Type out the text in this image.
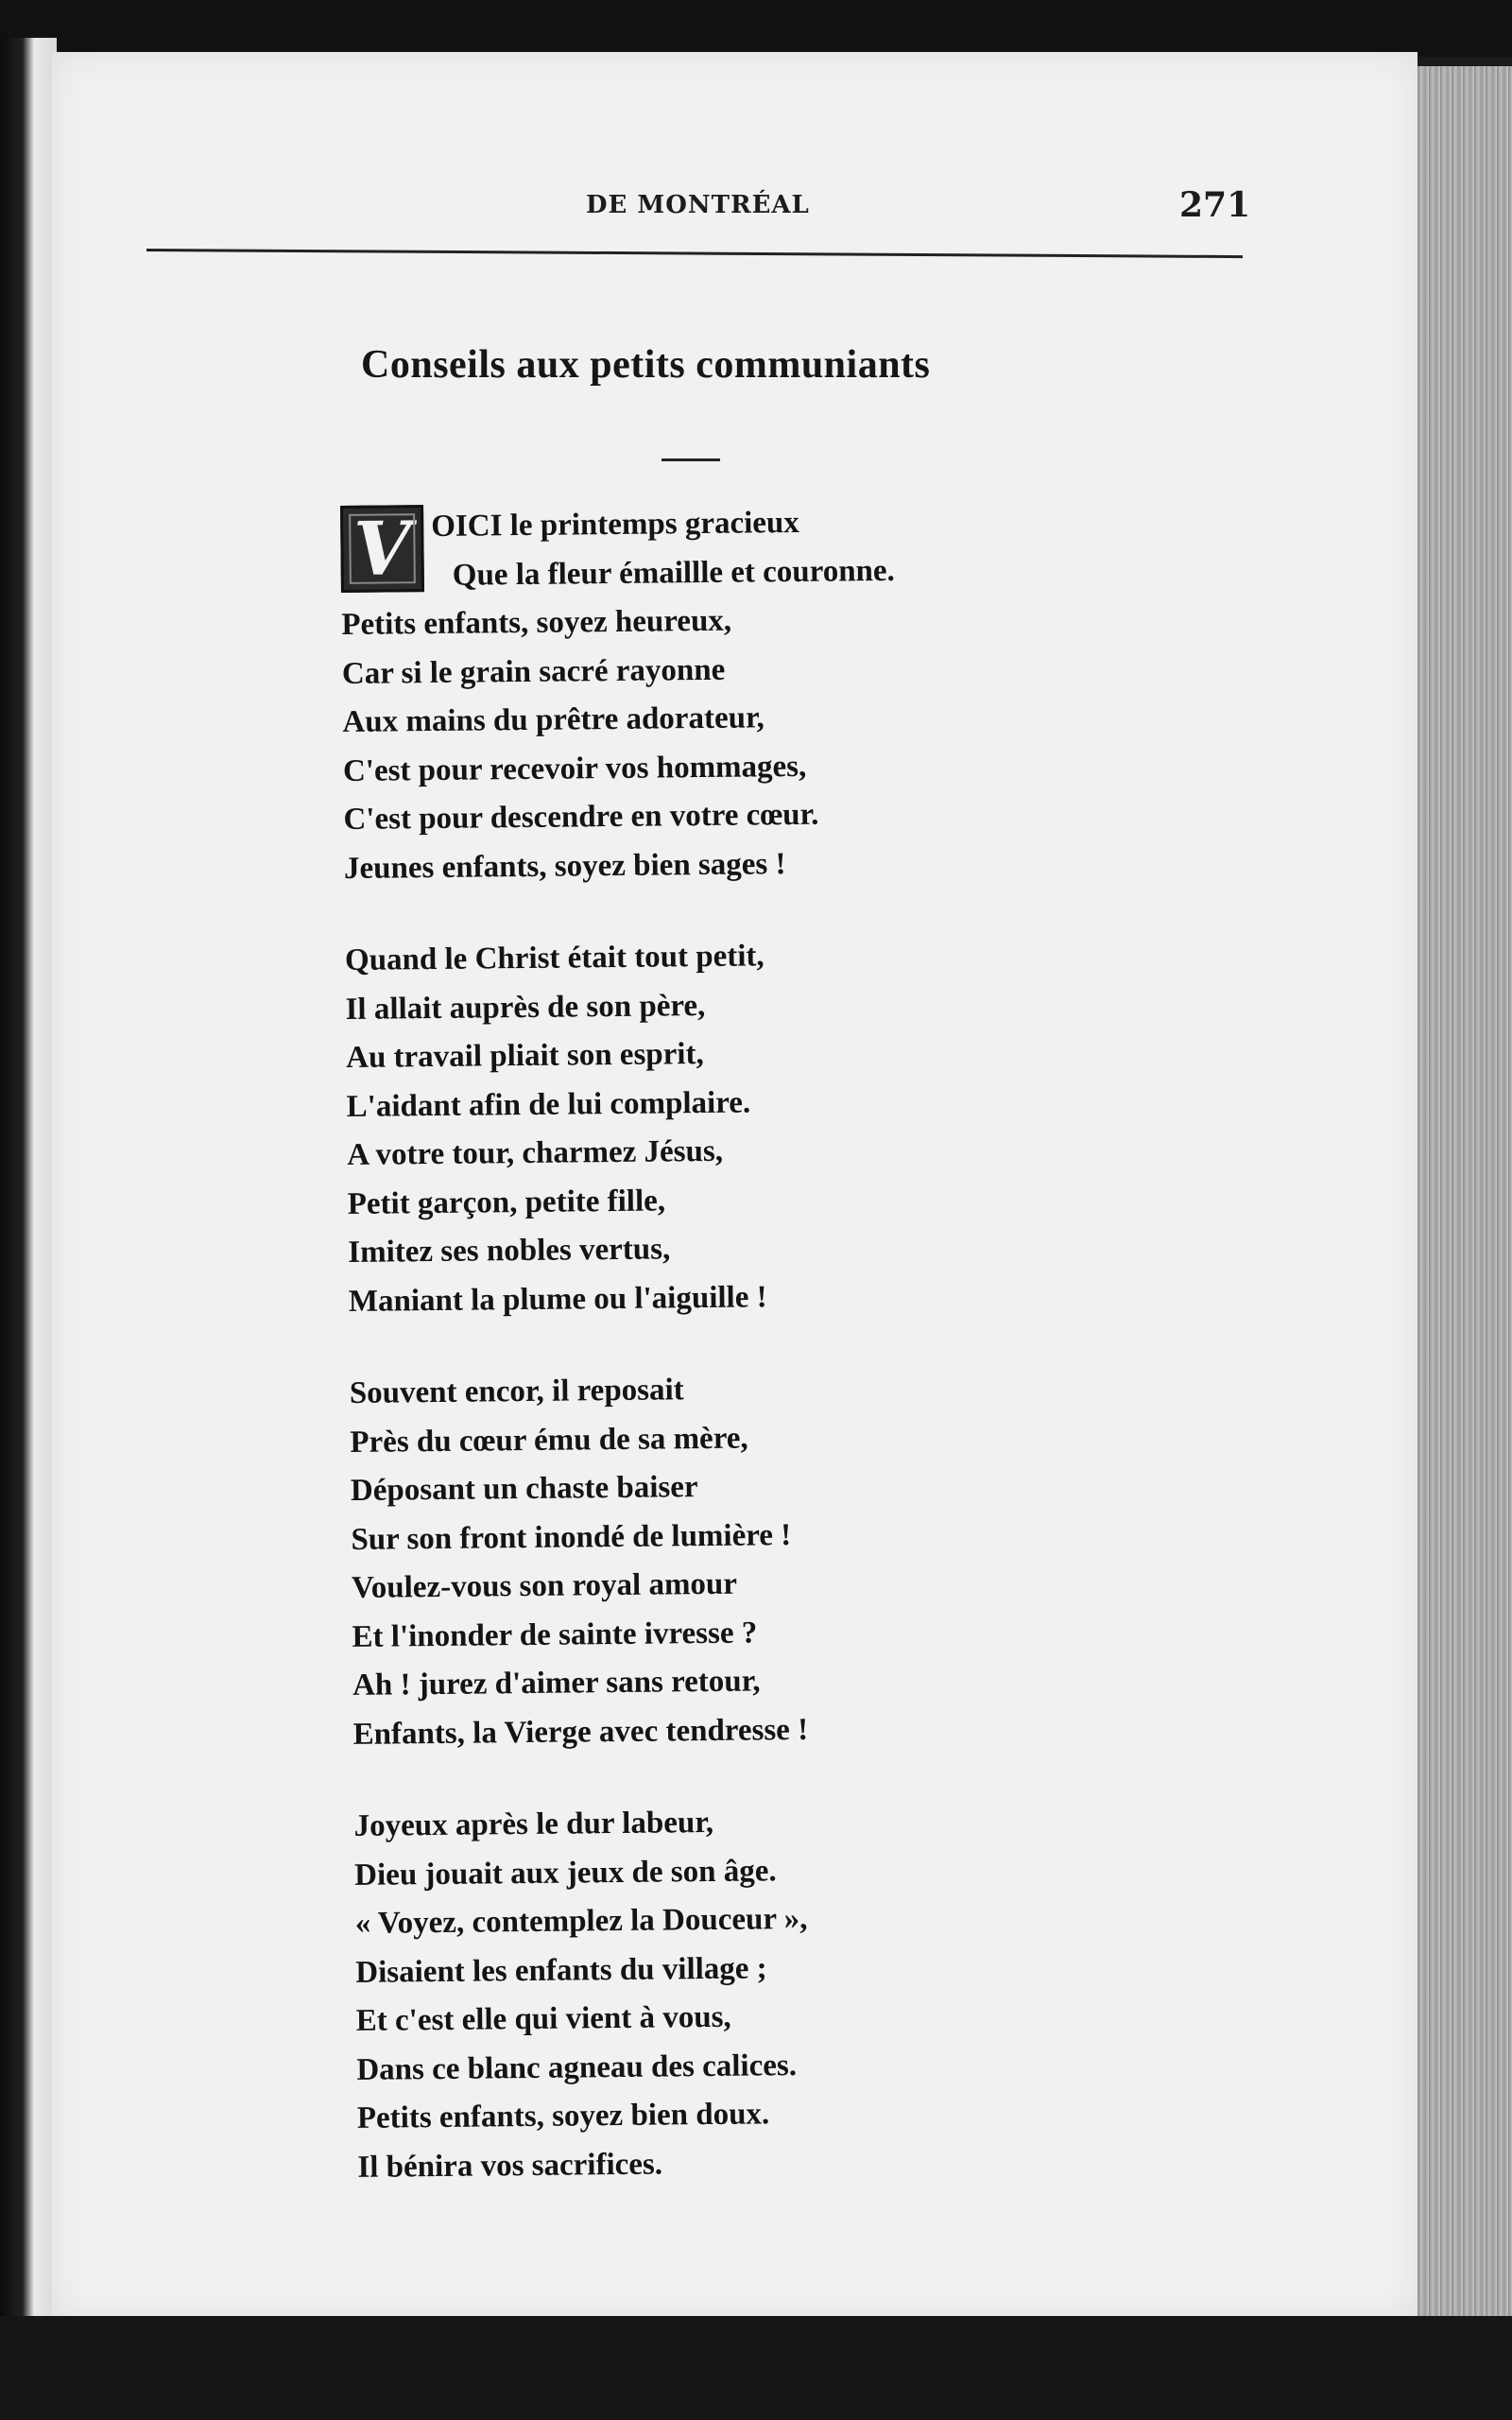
DE MONTRÉAL	271
Conseils aux petits communiants
V OICI le printemps gracieux
Que la fleur émaillle et couronne.
Petits enfants, soyez heureux,
Car si le grain sacré rayonne
Aux mains du prêtre adorateur,
C'est pour recevoir vos hommages,
C'est pour descendre en votre cœur.
Jeunes enfants, soyez bien sages !
Quand le Christ était tout petit,
Il allait auprès de son père,
Au travail pliait son esprit,
L'aidant afin de lui complaire.
A votre tour, charmez Jésus,
Petit garçon, petite fille,
Imitez ses nobles vertus,
Maniant la plume ou l'aiguille !
Souvent encor, il reposait
Près du cœur ému de sa mère,
Déposant un chaste baiser
Sur son front inondé de lumière !
Voulez-vous son royal amour
Et l'inonder de sainte ivresse ?
Ah ! jurez d'aimer sans retour,
Enfants, la Vierge avec tendresse !
Joyeux après le dur labeur,
Dieu jouait aux jeux de son âge.
« Voyez, contemplez la Douceur »,
Disaient les enfants du village ;
Et c'est elle qui vient à vous,
Dans ce blanc agneau des calices.
Petits enfants, soyez bien doux.
Il bénira vos sacrifices.
